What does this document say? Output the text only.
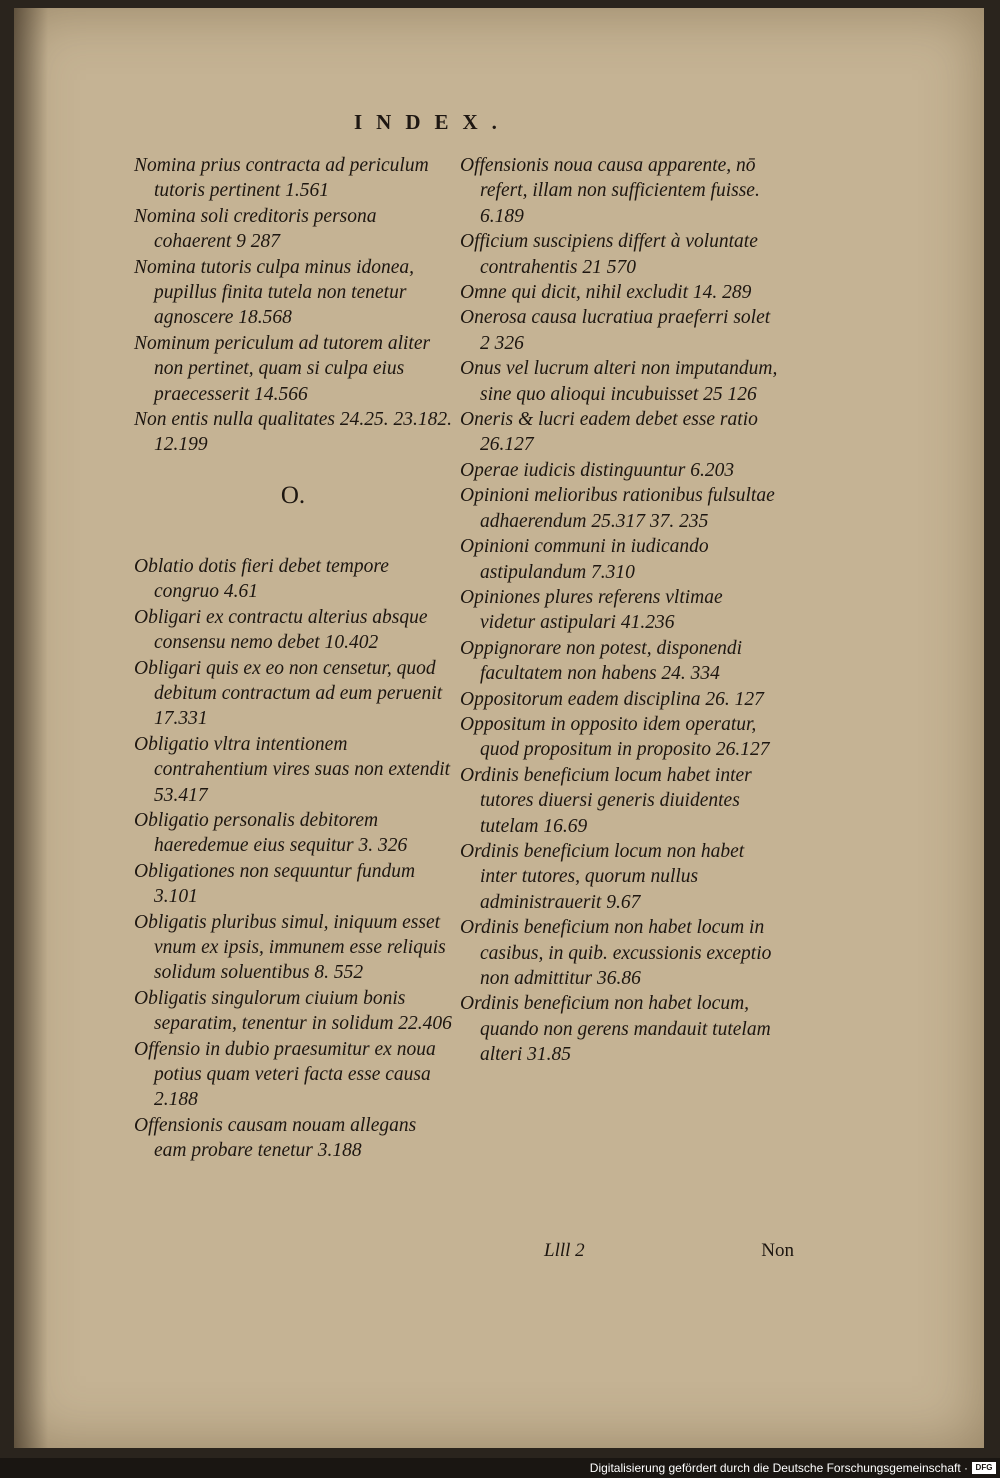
INDEX.

Nomina prius contracta ad periculum tutoris pertinent 1.561

Nomina soli creditoris persona cohaerent 9 287

Nomina tutoris culpa minus idonea, pupillus finita tutela non tenetur agnoscere 18.568

Nominum periculum ad tutorem aliter non pertinet, quam si culpa eius praecesserit 14.566

Non entis nulla qualitates 24.25. 23.182. 12.199

O.

Oblatio dotis fieri debet tempore congruo 4.61

Obligari ex contractu alterius absque consensu nemo debet 10.402

Obligari quis ex eo non censetur, quod debitum contractum ad eum peruenit 17.331

Obligatio vltra intentionem contrahentium vires suas non extendit 53.417

Obligatio personalis debitorem haeredemue eius sequitur 3. 326

Obligationes non sequuntur fundum 3.101

Obligatis pluribus simul, iniquum esset vnum ex ipsis, immunem esse reliquis solidum soluentibus 8. 552

Obligatis singulorum ciuium bonis separatim, tenentur in solidum 22.406

Offensio in dubio praesumitur ex noua potius quam veteri facta esse causa 2.188

Offensionis causam nouam allegans eam probare tenetur 3.188

Offensionis noua causa apparente, nō refert, illam non sufficientem fuisse. 6.189

Officium suscipiens differt à voluntate contrahentis 21 570

Omne qui dicit, nihil excludit 14. 289

Onerosa causa lucratiua praeferri solet 2 326

Onus vel lucrum alteri non imputandum, sine quo alioqui incubuisset 25 126

Oneris & lucri eadem debet esse ratio 26.127

Operae iudicis distinguuntur 6.203

Opinioni melioribus rationibus fulsultae adhaerendum 25.317 37. 235

Opinioni communi in iudicando astipulandum 7.310

Opiniones plures referens vltimae videtur astipulari 41.236

Oppignorare non potest, disponendi facultatem non habens 24. 334

Oppositorum eadem disciplina 26. 127

Oppositum in opposito idem operatur, quod propositum in proposito 26.127

Ordinis beneficium locum habet inter tutores diuersi generis diuidentes tutelam 16.69

Ordinis beneficium locum non habet inter tutores, quorum nullus administrauerit 9.67

Ordinis beneficium non habet locum in casibus, in quib. excussionis exceptio non admittitur 36.86

Ordinis beneficium non habet locum, quando non gerens mandauit tutelam alteri 31.85

Llll 2	Non
Digitalisierung gefördert durch die Deutsche Forschungsgemeinschaft · DFG
